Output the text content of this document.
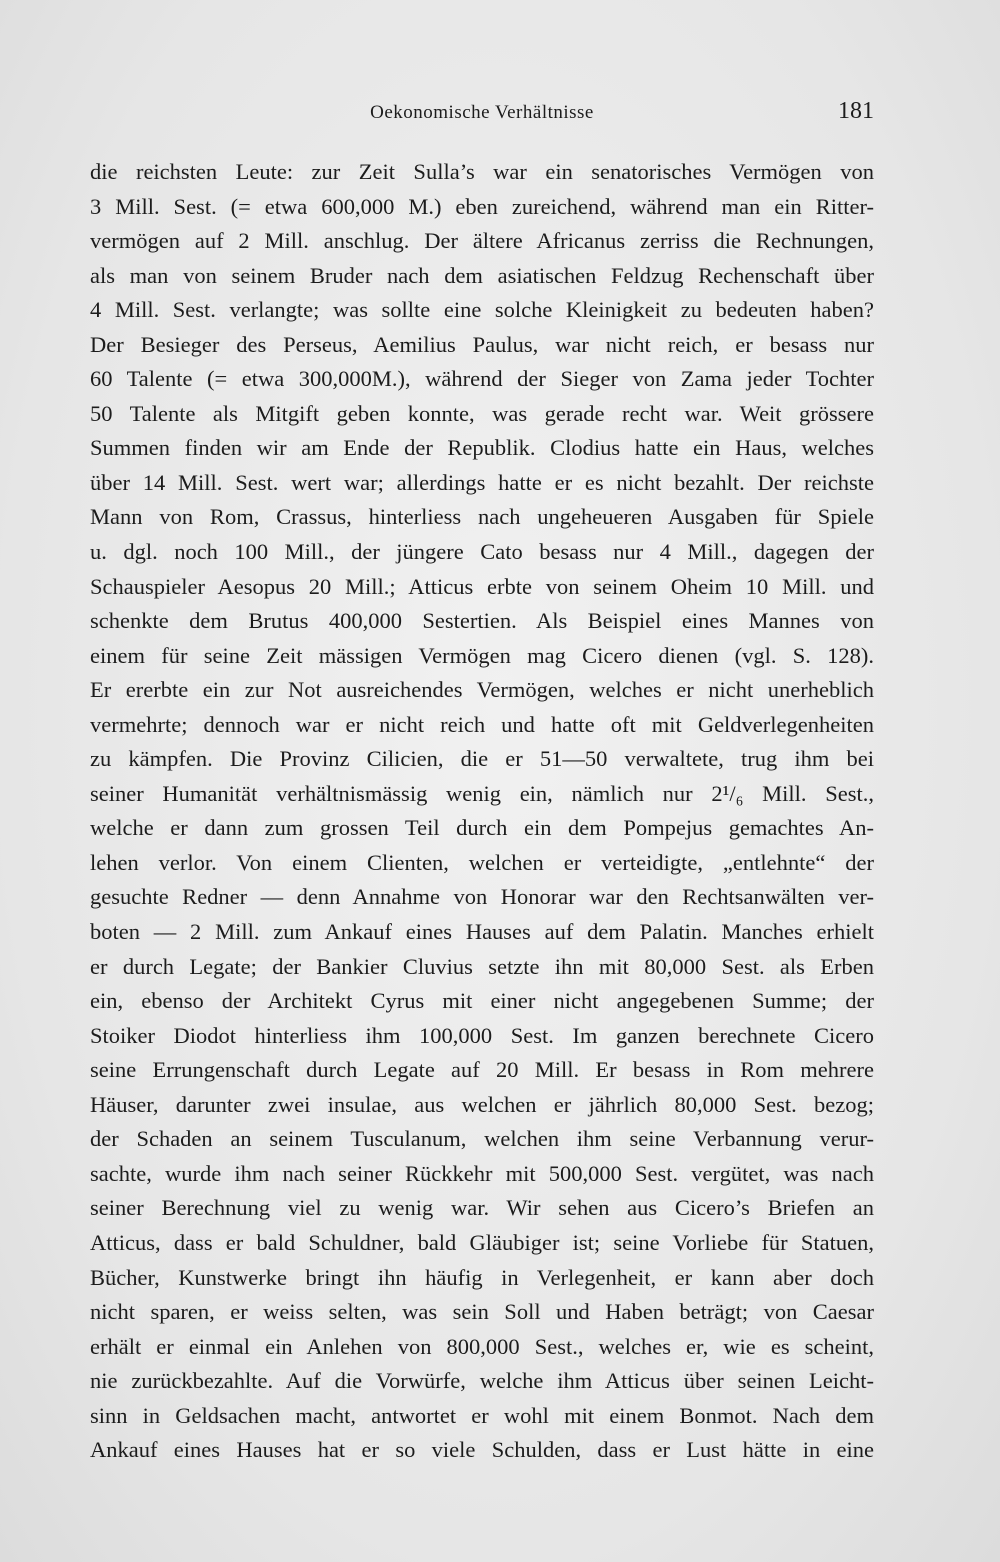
Oekonomische Verhältnisse	181
die reichsten Leute: zur Zeit Sulla’s war ein senatorisches Vermögen von
3 Mill. Sest. (= etwa 600,000 M.) eben zureichend, während man ein Ritter-
vermögen auf 2 Mill. anschlug. Der ältere Africanus zerriss die Rechnungen,
als man von seinem Bruder nach dem asiatischen Feldzug Rechenschaft über
4 Mill. Sest. verlangte; was sollte eine solche Kleinigkeit zu bedeuten haben?
Der Besieger des Perseus, Aemilius Paulus, war nicht reich, er besass nur
60 Talente (= etwa 300,000M.), während der Sieger von Zama jeder Tochter
50 Talente als Mitgift geben konnte, was gerade recht war. Weit grössere
Summen finden wir am Ende der Republik. Clodius hatte ein Haus, welches
über 14 Mill. Sest. wert war; allerdings hatte er es nicht bezahlt. Der reichste
Mann von Rom, Crassus, hinterliess nach ungeheueren Ausgaben für Spiele
u. dgl. noch 100 Mill., der jüngere Cato besass nur 4 Mill., dagegen der
Schauspieler Aesopus 20 Mill.; Atticus erbte von seinem Oheim 10 Mill. und
schenkte dem Brutus 400,000 Sestertien. Als Beispiel eines Mannes von
einem für seine Zeit mässigen Vermögen mag Cicero dienen (vgl. S. 128).
Er ererbte ein zur Not ausreichendes Vermögen, welches er nicht unerheblich
vermehrte; dennoch war er nicht reich und hatte oft mit Geldverlegenheiten
zu kämpfen. Die Provinz Cilicien, die er 51—50 verwaltete, trug ihm bei
seiner Humanität verhältnismässig wenig ein, nämlich nur 2¹/₆ Mill. Sest.,
welche er dann zum grossen Teil durch ein dem Pompejus gemachtes An-
lehen verlor. Von einem Clienten, welchen er verteidigte, „entlehnte“ der
gesuchte Redner — denn Annahme von Honorar war den Rechtsanwälten ver-
boten — 2 Mill. zum Ankauf eines Hauses auf dem Palatin. Manches erhielt
er durch Legate; der Bankier Cluvius setzte ihn mit 80,000 Sest. als Erben
ein, ebenso der Architekt Cyrus mit einer nicht angegebenen Summe; der
Stoiker Diodot hinterliess ihm 100,000 Sest. Im ganzen berechnete Cicero
seine Errungenschaft durch Legate auf 20 Mill. Er besass in Rom mehrere
Häuser, darunter zwei insulae, aus welchen er jährlich 80,000 Sest. bezog;
der Schaden an seinem Tusculanum, welchen ihm seine Verbannung verur-
sachte, wurde ihm nach seiner Rückkehr mit 500,000 Sest. vergütet, was nach
seiner Berechnung viel zu wenig war. Wir sehen aus Cicero’s Briefen an
Atticus, dass er bald Schuldner, bald Gläubiger ist; seine Vorliebe für Statuen,
Bücher, Kunstwerke bringt ihn häufig in Verlegenheit, er kann aber doch
nicht sparen, er weiss selten, was sein Soll und Haben beträgt; von Caesar
erhält er einmal ein Anlehen von 800,000 Sest., welches er, wie es scheint,
nie zurückbezahlte. Auf die Vorwürfe, welche ihm Atticus über seinen Leicht-
sinn in Geldsachen macht, antwortet er wohl mit einem Bonmot. Nach dem
Ankauf eines Hauses hat er so viele Schulden, dass er Lust hätte in eine
